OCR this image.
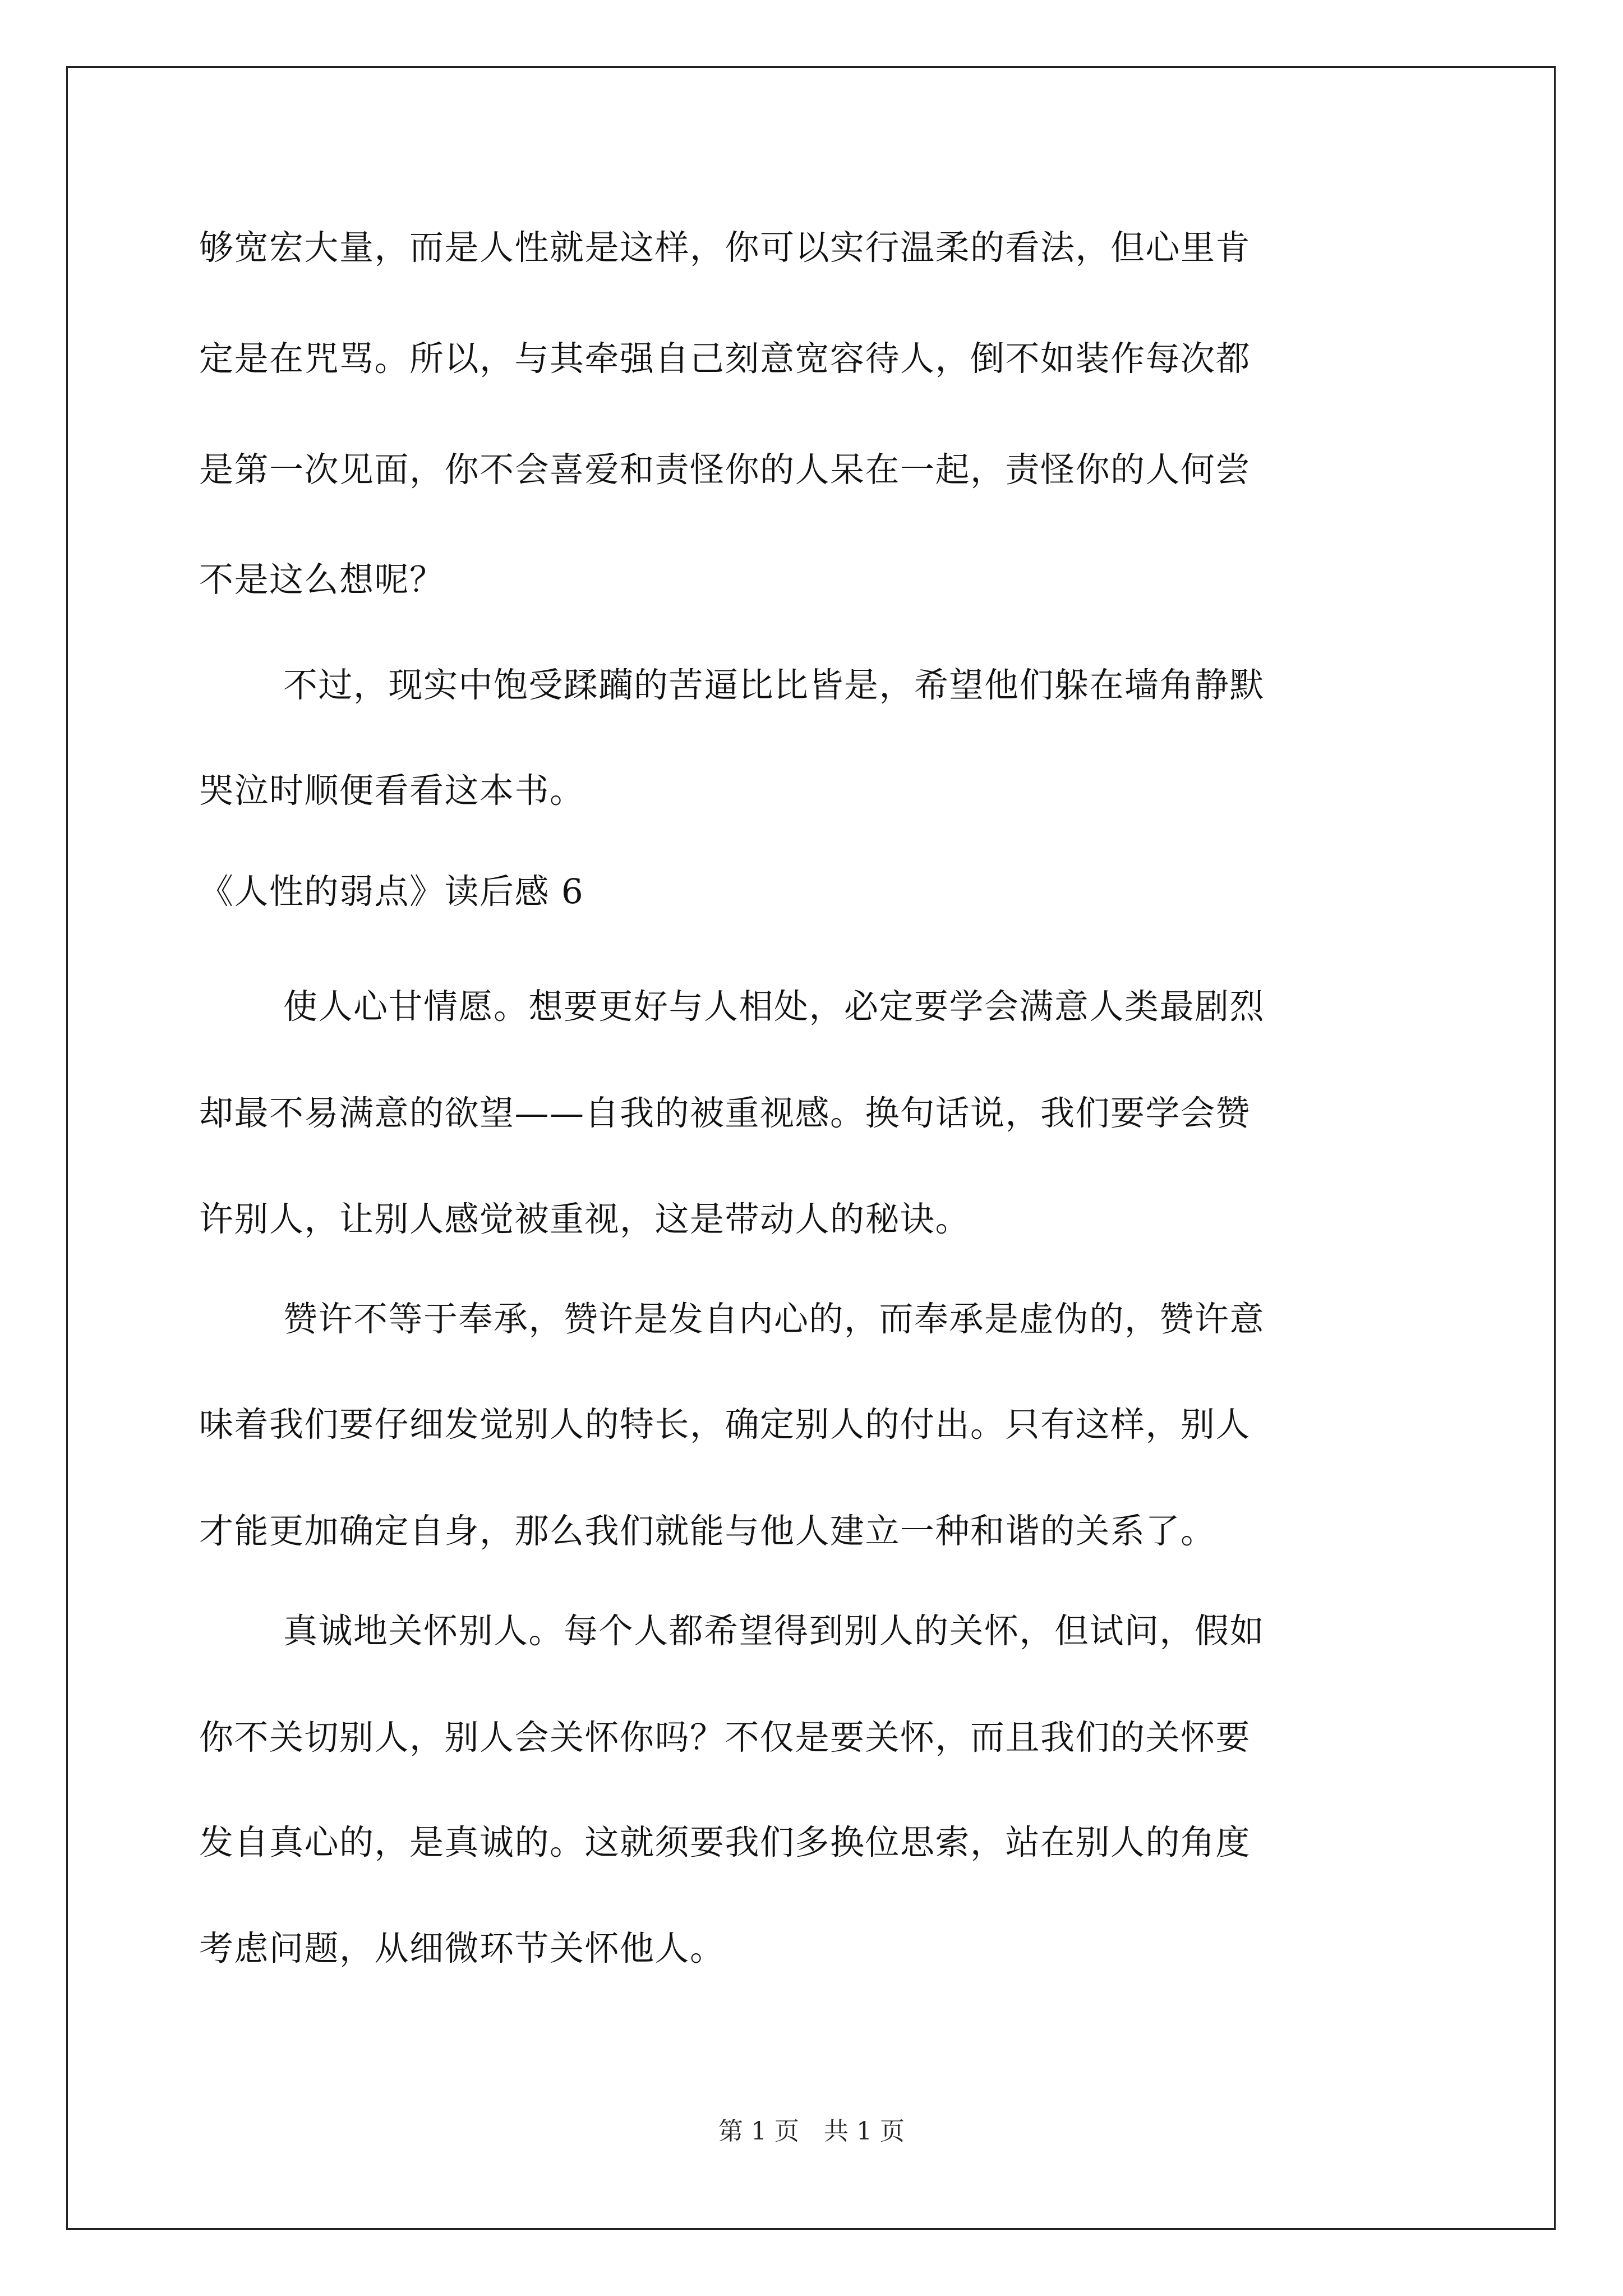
够宽宏大量，而是人性就是这样，你可以实行温柔的看法，但心里肯
定是在咒骂。所以，与其牵强自己刻意宽容待人，倒不如装作每次都
是第一次见面，你不会喜爱和责怪你的人呆在一起，责怪你的人何尝
不是这么想呢？
不过，现实中饱受蹂躏的苦逼比比皆是，希望他们躲在墙角静默
哭泣时顺便看看这本书。
《人性的弱点》读后感 6
使人心甘情愿。想要更好与人相处，必定要学会满意人类最剧烈
却最不易满意的欲望——自我的被重视感。换句话说，我们要学会赞
许别人，让别人感觉被重视，这是带动人的秘诀。
赞许不等于奉承，赞许是发自内心的，而奉承是虚伪的，赞许意
味着我们要仔细发觉别人的特长，确定别人的付出。只有这样，别人
才能更加确定自身，那么我们就能与他人建立一种和谐的关系了。
真诚地关怀别人。每个人都希望得到别人的关怀，但试问，假如
你不关切别人，别人会关怀你吗？不仅是要关怀，而且我们的关怀要
发自真心的，是真诚的。这就须要我们多换位思索，站在别人的角度
考虑问题，从细微环节关怀他人。
第 1 页　共 1 页
